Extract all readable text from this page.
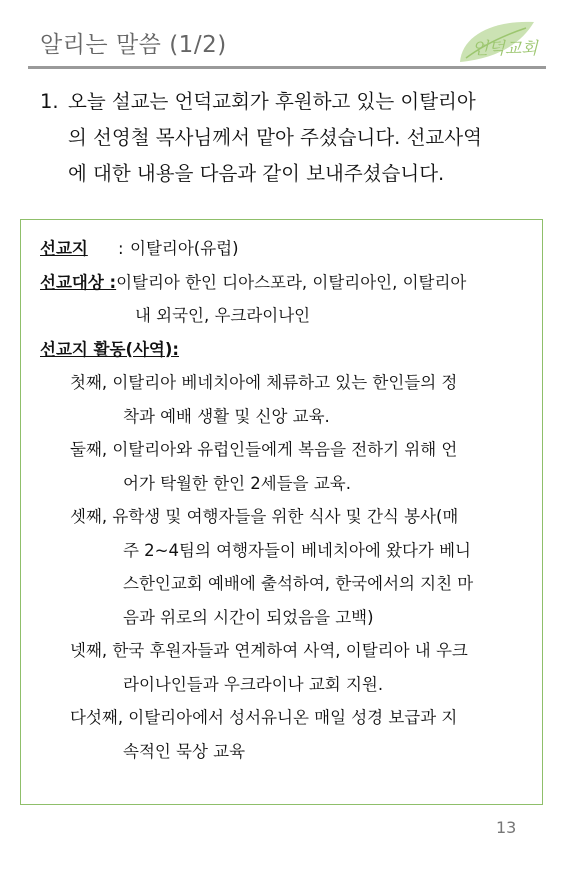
알리는 말씀 (1/2)	언덕교회
1. 오늘 설교는 언덕교회가 후원하고 있는 이탈리아
의 선영철 목사님께서 맡아 주셨습니다. 선교사역
에 대한 내용을 다음과 같이 보내주셨습니다.
선교지 : 이탈리아(유럽)
선교대상 :이탈리아 한인 디아스포라, 이탈리아인, 이탈리아
내 외국인, 우크라이나인
선교지 활동(사역):
첫째, 이탈리아 베네치아에 체류하고 있는 한인들의 정
착과 예배 생활 및 신앙 교육.
둘째, 이탈리아와 유럽인들에게 복음을 전하기 위해 언
어가 탁월한 한인 2세들을 교육.
셋째, 유학생 및 여행자들을 위한 식사 및 간식 봉사(매
주 2~4팀의 여행자들이 베네치아에 왔다가 베니
스한인교회 예배에 출석하여, 한국에서의 지친 마
음과 위로의 시간이 되었음을 고백)
넷째, 한국 후원자들과 연계하여 사역, 이탈리아 내 우크
라이나인들과 우크라이나 교회 지원.
다섯째, 이탈리아에서 성서유니온 매일 성경 보급과 지
속적인 묵상 교육
13
